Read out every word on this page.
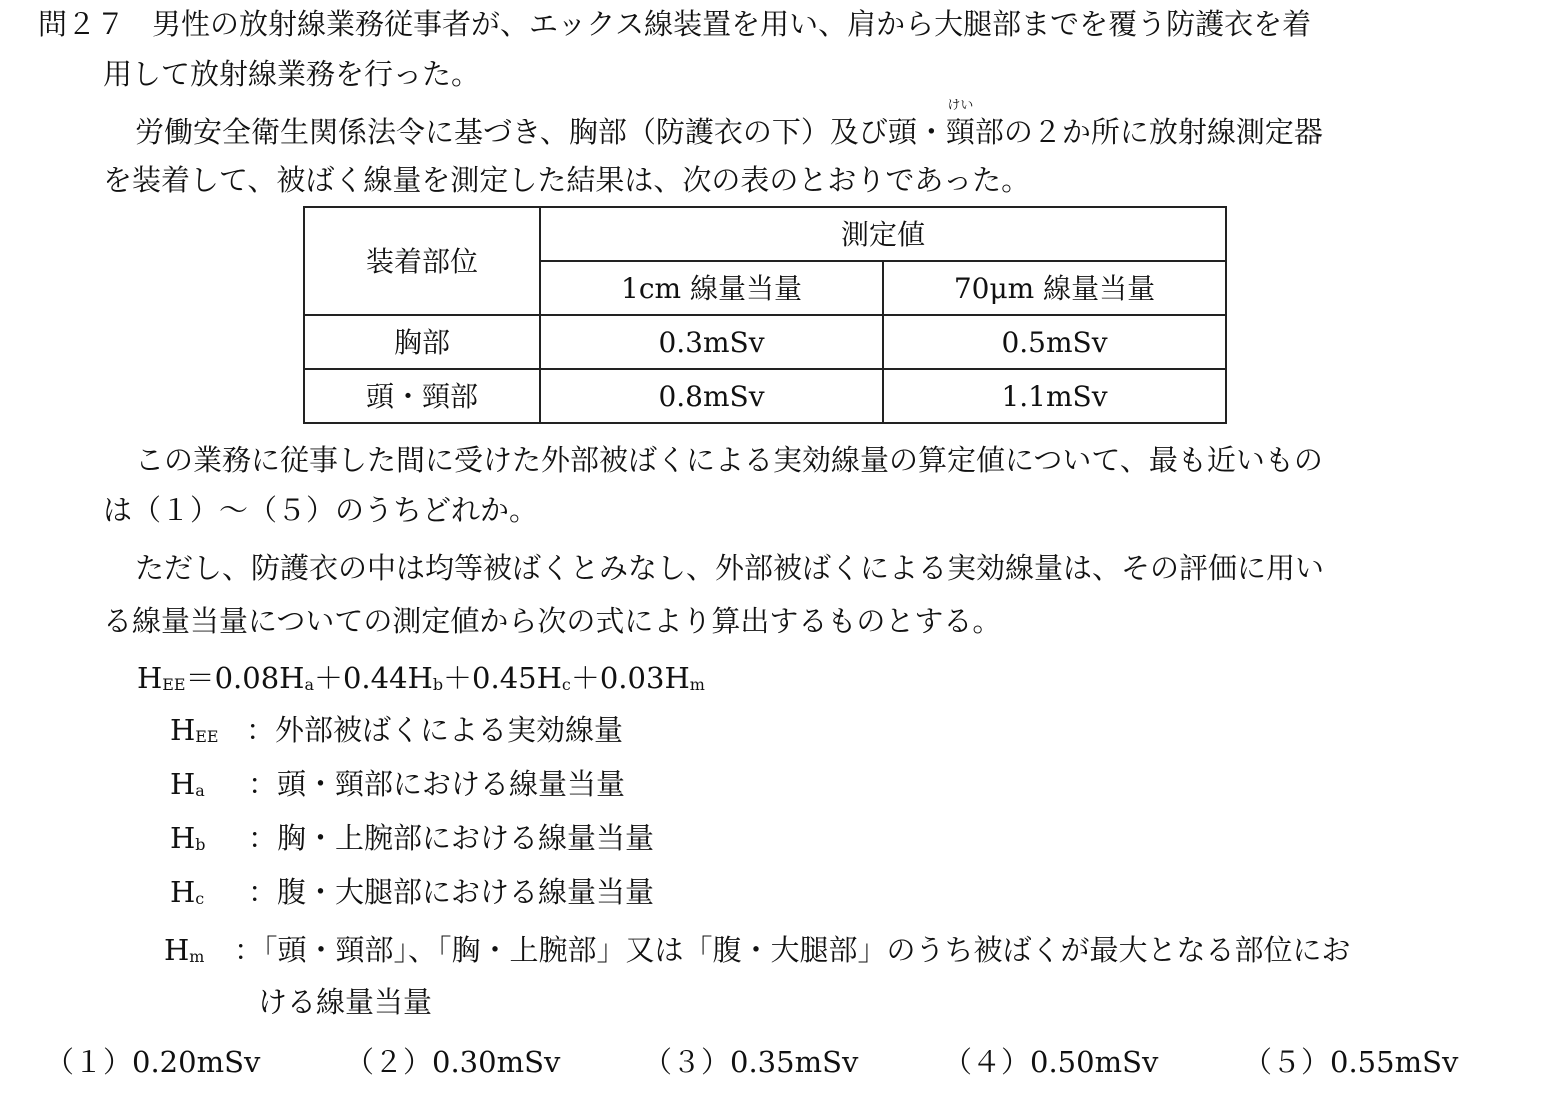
問２７ 男性の放射線業務従事者が、エックス線装置を用い、肩から大腿部までを覆う防護衣を着
用して放射線業務を行った。
労働安全衛生関係法令に基づき、胸部（防護衣の下）及び頭・
けい
頸部の２か所に放射線測定器
を装着して、被ばく線量を測定した結果は、次の表のとおりであった。
装着部位	測定値	
	1cm 線量当量	70μm 線量当量
胸部	0.3mSv	0.5mSv
頭・頸部	0.8mSv	1.1mSv
この業務に従事した間に受けた外部被ばくによる実効線量の算定値について、最も近いもの
は（１）～（５）のうちどれか。
ただし、防護衣の中は均等被ばくとみなし、外部被ばくによる実効線量は、その評価に用い
る線量当量についての測定値から次の式により算出するものとする。
HEE＝0.08Ha＋0.44Hb＋0.45Hc＋0.03Hm
HEE ：外部被ばくによる実効線量
Ha ：頭・頸部における線量当量
Hb ：胸・上腕部における線量当量
Hc ：腹・大腿部における線量当量
Hm ：「頭・頸部」、「胸・上腕部」又は「腹・大腿部」のうち被ばくが最大となる部位にお
ける線量当量
（１）0.20mSv	（２）0.30mSv	（３）0.35mSv	（４）0.50mSv	（５）0.55mSv
